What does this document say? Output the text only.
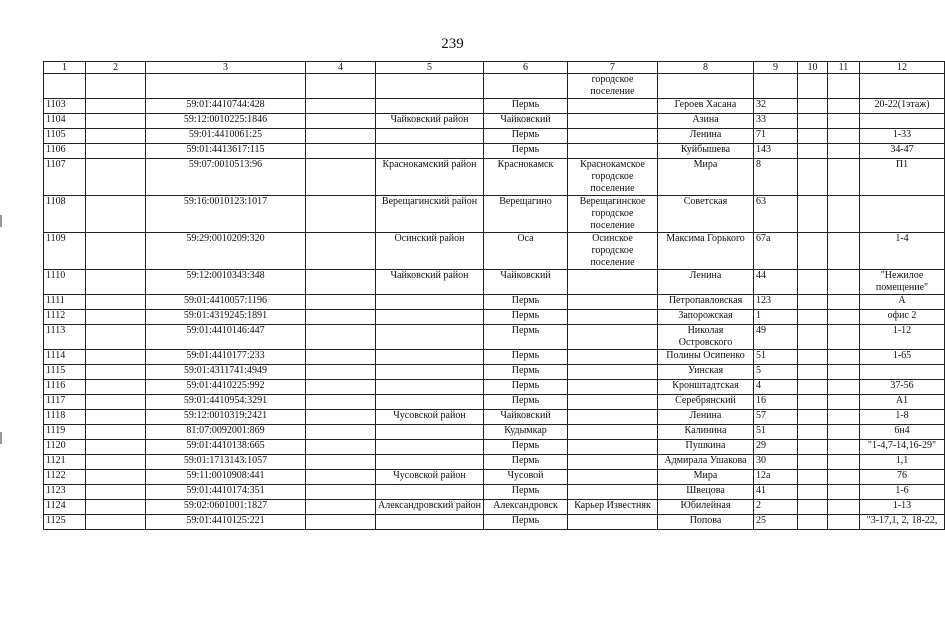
239
1	2	3	4	5	6	7	8	9	10	11	12
						городское поселение					
1103		59:01:4410744:428			Пермь		Героев Хасана	32			20-22(1этаж)
1104		59:12:0010225:1846		Чайковский район	Чайковский		Азина	33			
1105		59:01:4410061:25			Пермь		Ленина	71			1-33
1106		59:01:4413617:115			Пермь		Куйбышева	143			34-47
1107		59:07:0010513:96		Краснокамский район	Краснокамск	Краснокамское городское поселение	Мира	8			П1
1108		59:16:0010123:1017		Верещагинский район	Верещагино	Верещагинское городское поселение	Советская	63			
1109		59:29:0010209:320		Осинский район	Оса	Осинское городское поселение	Максима Горького	67а			1-4
1110		59:12:0010343:348		Чайковский район	Чайковский		Ленина	44			"Нежилое помещение"
1111		59:01:4410057:1196			Пермь		Петропавловская	123			А
1112		59:01:4319245:1891			Пермь		Запорожская	1			офис 2
1113		59:01:4410146:447			Пермь		Николая Островского	49			1-12
1114		59:01:4410177:233			Пермь		Полины Осипенко	51			1-65
1115		59:01:4311741:4949			Пермь		Уинская	5			
1116		59:01:4410225:992			Пермь		Кронштадтская	4			37-56
1117		59:01:4410954:3291			Пермь		Серебрянский	16			А1
1118		59:12:0010319:2421		Чусовской район	Чайковский		Ленина	57			1-8
1119		81:07:0092001:869			Кудымкар		Калинина	51			6н4
1120		59:01:4410138:665			Пермь		Пушкина	29			"1-4,7-14,16-29"
1121		59:01:1713143:1057			Пермь		Адмирала Ушакова	30			1,1
1122		59:11:0010908:441		Чусовской район	Чусовой		Мира	12а			76
1123		59:01:4410174:351			Пермь		Швецова	41			1-6
1124		59:02:0601001:1827		Александровский район	Александровск	Карьер Известняк	Юбилейная	2			1-13
1125		59:01:4410125:221			Пермь		Попова	25			"3-17,1, 2, 18-22,
